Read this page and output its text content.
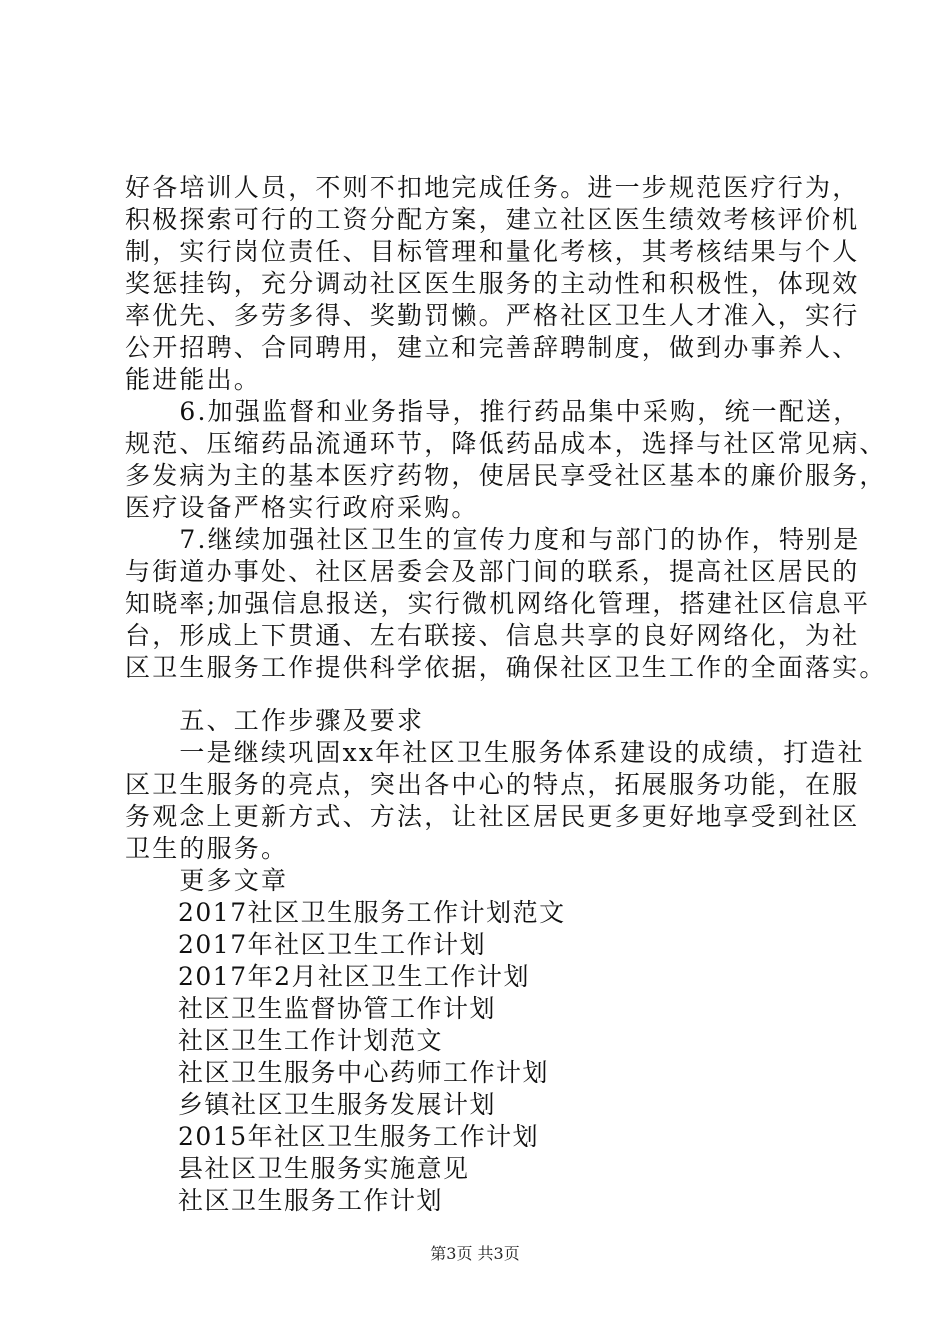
好各培训人员，不则不扣地完成任务。进一步规范医疗行为，
积极探索可行的工资分配方案，建立社区医生绩效考核评价机
制，实行岗位责任、目标管理和量化考核，其考核结果与个人
奖惩挂钩，充分调动社区医生服务的主动性和积极性，体现效
率优先、多劳多得、奖勤罚懒。严格社区卫生人才准入，实行
公开招聘、合同聘用，建立和完善辞聘制度，做到办事养人、
能进能出。
　　6.加强监督和业务指导，推行药品集中采购，统一配送，
规范、压缩药品流通环节，降低药品成本，选择与社区常见病、
多发病为主的基本医疗药物，使居民享受社区基本的廉价服务，
医疗设备严格实行政府采购。
　　7.继续加强社区卫生的宣传力度和与部门的协作，特别是
与街道办事处、社区居委会及部门间的联系，提高社区居民的
知晓率;加强信息报送，实行微机网络化管理，搭建社区信息平
台，形成上下贯通、左右联接、信息共享的良好网络化，为社
区卫生服务工作提供科学依据，确保社区卫生工作的全面落实。
　　五、工作步骤及要求
　　一是继续巩固xx年社区卫生服务体系建设的成绩，打造社
区卫生服务的亮点，突出各中心的特点，拓展服务功能，在服
务观念上更新方式、方法，让社区居民更多更好地享受到社区
卫生的服务。
　　更多文章
2017社区卫生服务工作计划范文
2017年社区卫生工作计划
2017年2月社区卫生工作计划
社区卫生监督协管工作计划
社区卫生工作计划范文
社区卫生服务中心药师工作计划
乡镇社区卫生服务发展计划
2015年社区卫生服务工作计划
县社区卫生服务实施意见
社区卫生服务工作计划
第3页 共3页
